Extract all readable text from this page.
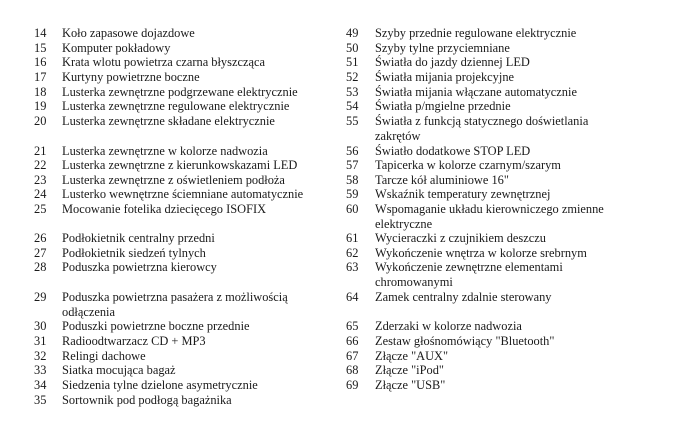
14 Koło zapasowe dojazdowe
15 Komputer pokładowy
16 Krata wlotu powietrza czarna błyszcząca
17 Kurtyny powietrzne boczne
18 Lusterka zewnętrzne podgrzewane elektrycznie
19 Lusterka zewnętrzne regulowane elektrycznie
20 Lusterka zewnętrzne składane elektrycznie
21 Lusterka zewnętrzne w kolorze nadwozia
22 Lusterka zewnętrzne z kierunkowskazami LED
23 Lusterka zewnętrzne z oświetleniem podłoża
24 Lusterko wewnętrzne ściemniane automatycznie
25 Mocowanie fotelika dziecięcego ISOFIX
26 Podłokietnik centralny przedni
27 Podłokietnik siedzeń tylnych
28 Poduszka powietrzna kierowcy
29 Poduszka powietrzna pasażera z możliwością
odłączenia
30 Poduszki powietrzne boczne przednie
31 Radioodtwarzacz CD + MP3
32 Relingi dachowe
33 Siatka mocująca bagaż
34 Siedzenia tylne dzielone asymetrycznie
35 Sortownik pod podłogą bagażnika
49 Szyby przednie regulowane elektrycznie
50 Szyby tylne przyciemniane
51 Światła do jazdy dziennej LED
52 Światła mijania projekcyjne
53 Światła mijania włączane automatycznie
54 Światła p/mgielne przednie
55 Światła z funkcją statycznego doświetlania
zakrętów
56 Światło dodatkowe STOP LED
57 Tapicerka w kolorze czarnym/szarym
58 Tarcze kół aluminiowe 16"
59 Wskaźnik temperatury zewnętrznej
60 Wspomaganie układu kierowniczego zmienne
elektryczne
61 Wycieraczki z czujnikiem deszczu
62 Wykończenie wnętrza w kolorze srebrnym
63 Wykończenie zewnętrzne elementami
chromowanymi
64 Zamek centralny zdalnie sterowany
65 Zderzaki w kolorze nadwozia
66 Zestaw głośnomówiący "Bluetooth"
67 Złącze "AUX"
68 Złącze "iPod"
69 Złącze "USB"
